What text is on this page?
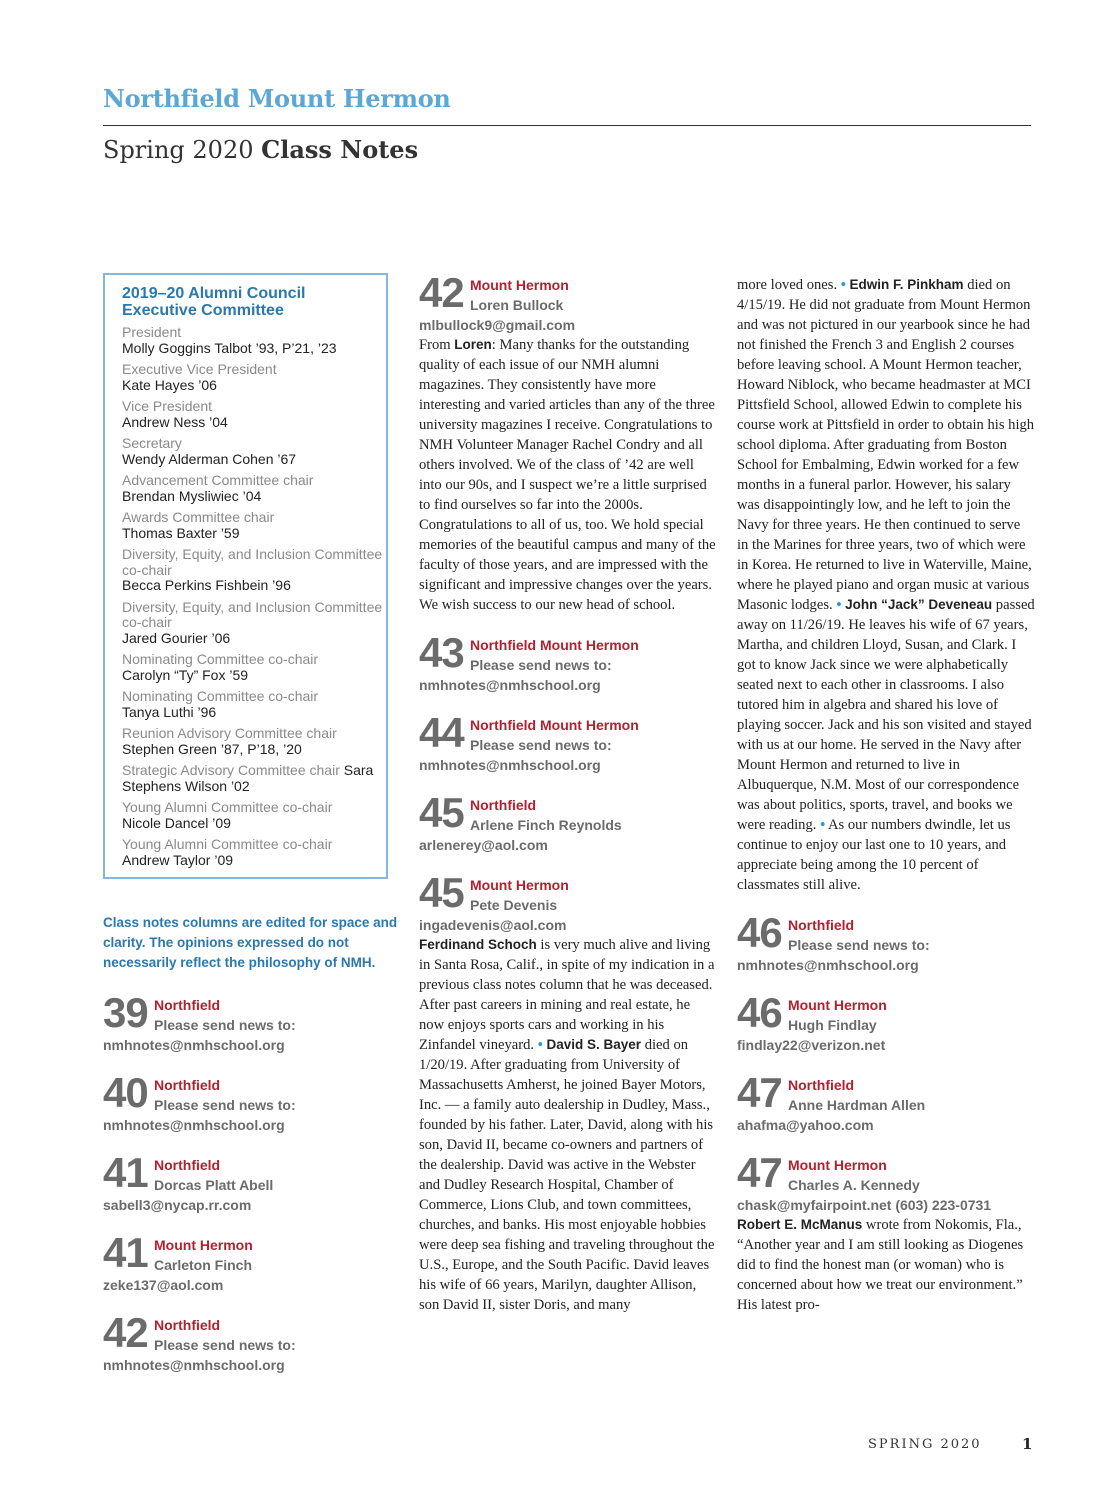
Northfield Mount Hermon
Spring 2020 Class Notes
2019–20 Alumni Council
Executive Committee
President
Molly Goggins Talbot ’93, P’21, ’23
Executive Vice President
Kate Hayes ’06
Vice President
Andrew Ness ’04
Secretary
Wendy Alderman Cohen ’67
Advancement Committee chair
Brendan Mysliwiec ’04
Awards Committee chair
Thomas Baxter ’59
Diversity, Equity, and Inclusion Committee co-chair
Becca Perkins Fishbein ’96
Diversity, Equity, and Inclusion Committee co-chair
Jared Gourier ’06
Nominating Committee co-chair
Carolyn “Ty” Fox ’59
Nominating Committee co-chair
Tanya Luthi ’96
Reunion Advisory Committee chair
Stephen Green ’87, P’18, ’20
Strategic Advisory Committee chair Sara Stephens Wilson ’02
Young Alumni Committee co-chair
Nicole Dancel ’09
Young Alumni Committee co-chair
Andrew Taylor ’09
Class notes columns are edited for space and clarity. The opinions expressed do not necessarily reflect the philosophy of NMH.
39 Northfield
Please send news to:
nmhnotes@nmhschool.org
40 Northfield
Please send news to:
nmhnotes@nmhschool.org
41 Northfield
Dorcas Platt Abell
sabell3@nycap.rr.com
41 Mount Hermon
Carleton Finch
zeke137@aol.com
42 Northfield
Please send news to:
nmhnotes@nmhschool.org
42 Mount Hermon
Loren Bullock
mlbullock9@gmail.com
From Loren: Many thanks for the outstanding quality of each issue of our NMH alumni magazines. They consistently have more interesting and varied articles than any of the three university magazines I receive. Congratulations to NMH Volunteer Manager Rachel Condry and all others involved. We of the class of ’42 are well into our 90s, and I suspect we’re a little surprised to find ourselves so far into the 2000s. Congratulations to all of us, too. We hold special memories of the beautiful campus and many of the faculty of those years, and are impressed with the significant and impressive changes over the years. We wish success to our new head of school.
43 Northfield Mount Hermon
Please send news to:
nmhnotes@nmhschool.org
44 Northfield Mount Hermon
Please send news to:
nmhnotes@nmhschool.org
45 Northfield
Arlene Finch Reynolds
arlenerey@aol.com
45 Mount Hermon
Pete Devenis
ingadevenis@aol.com
Ferdinand Schoch is very much alive and living in Santa Rosa, Calif., in spite of my indication in a previous class notes column that he was deceased. After past careers in mining and real estate, he now enjoys sports cars and working in his Zinfandel vineyard. • David S. Bayer died on 1/20/19. After graduating from University of Massachusetts Amherst, he joined Bayer Motors, Inc. — a family auto dealership in Dudley, Mass., founded by his father. Later, David, along with his son, David II, became co-owners and partners of the dealership. David was active in the Webster and Dudley Research Hospital, Chamber of Commerce, Lions Club, and town committees, churches, and banks. His most enjoyable hobbies were deep sea fishing and traveling throughout the U.S., Europe, and the South Pacific. David leaves his wife of 66 years, Marilyn, daughter Allison, son David II, sister Doris, and many
more loved ones. • Edwin F. Pinkham died on 4/15/19. He did not graduate from Mount Hermon and was not pictured in our yearbook since he had not finished the French 3 and English 2 courses before leaving school. A Mount Hermon teacher, Howard Niblock, who became headmaster at MCI Pittsfield School, allowed Edwin to complete his course work at Pittsfield in order to obtain his high school diploma. After graduating from Boston School for Embalming, Edwin worked for a few months in a funeral parlor. However, his salary was disappointingly low, and he left to join the Navy for three years. He then continued to serve in the Marines for three years, two of which were in Korea. He returned to live in Waterville, Maine, where he played piano and organ music at various Masonic lodges. • John “Jack” Deveneau passed away on 11/26/19. He leaves his wife of 67 years, Martha, and children Lloyd, Susan, and Clark. I got to know Jack since we were alphabetically seated next to each other in classrooms. I also tutored him in algebra and shared his love of playing soccer. Jack and his son visited and stayed with us at our home. He served in the Navy after Mount Hermon and returned to live in Albuquerque, N.M. Most of our correspondence was about politics, sports, travel, and books we were reading. • As our numbers dwindle, let us continue to enjoy our last one to 10 years, and appreciate being among the 10 percent of classmates still alive.
46 Northfield
Please send news to:
nmhnotes@nmhschool.org
46 Mount Hermon
Hugh Findlay
findlay22@verizon.net
47 Northfield
Anne Hardman Allen
ahafma@yahoo.com
47 Mount Hermon
Charles A. Kennedy
chask@myfairpoint.net (603) 223-0731
Robert E. McManus wrote from Nokomis, Fla., “Another year and I am still looking as Diogenes did to find the honest man (or woman) who is concerned about how we treat our environment.” His latest pro-
SPRING 2020	1
